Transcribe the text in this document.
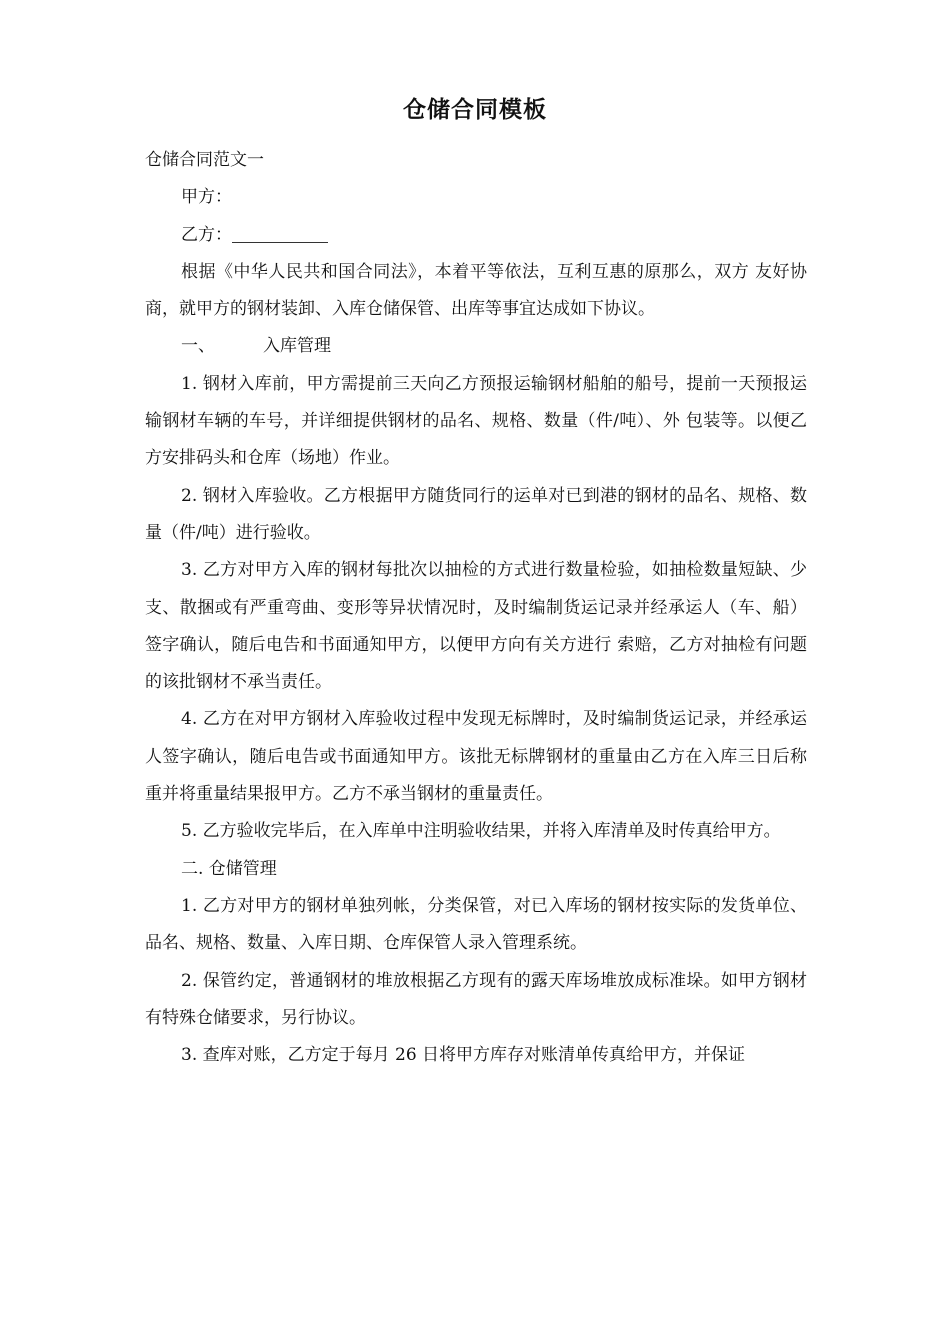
仓储合同模板

仓储合同范文一

甲方：

乙方：

根据《中华人民共和国合同法》，本着平等依法，互利互惠的原那么，双方 友好协商，就甲方的钢材装卸、入库仓储保管、出库等事宜达成如下协议。

一、	入库管理

1. 钢材入库前，甲方需提前三天向乙方预报运输钢材船舶的船号，提前一天预报运输钢材车辆的车号，并详细提供钢材的品名、规格、数量（件/吨）、外 包装等。以便乙方安排码头和仓库（场地）作业。

2. 钢材入库验收。乙方根据甲方随货同行的运单对已到港的钢材的品名、规格、数量（件/吨）进行验收。

3. 乙方对甲方入库的钢材每批次以抽检的方式进行数量检验，如抽检数量短缺、少支、散捆或有严重弯曲、变形等异状情况时，及时编制货运记录并经承运人（车、船）签字确认，随后电告和书面通知甲方，以便甲方向有关方进行 索赔，乙方对抽检有问题的该批钢材不承当责任。

4. 乙方在对甲方钢材入库验收过程中发现无标牌时，及时编制货运记录，并经承运人签字确认，随后电告或书面通知甲方。该批无标牌钢材的重量由乙方在入库三日后称重并将重量结果报甲方。乙方不承当钢材的重量责任。

5. 乙方验收完毕后，在入库单中注明验收结果，并将入库清单及时传真给甲方。

二. 仓储管理

1. 乙方对甲方的钢材单独列帐，分类保管，对已入库场的钢材按实际的发货单位、品名、规格、数量、入库日期、仓库保管人录入管理系统。

2. 保管约定，普通钢材的堆放根据乙方现有的露天库场堆放成标准垛。如甲方钢材有特殊仓储要求，另行协议。

3. 查库对账，乙方定于每月 26 日将甲方库存对账清单传真给甲方，并保证
